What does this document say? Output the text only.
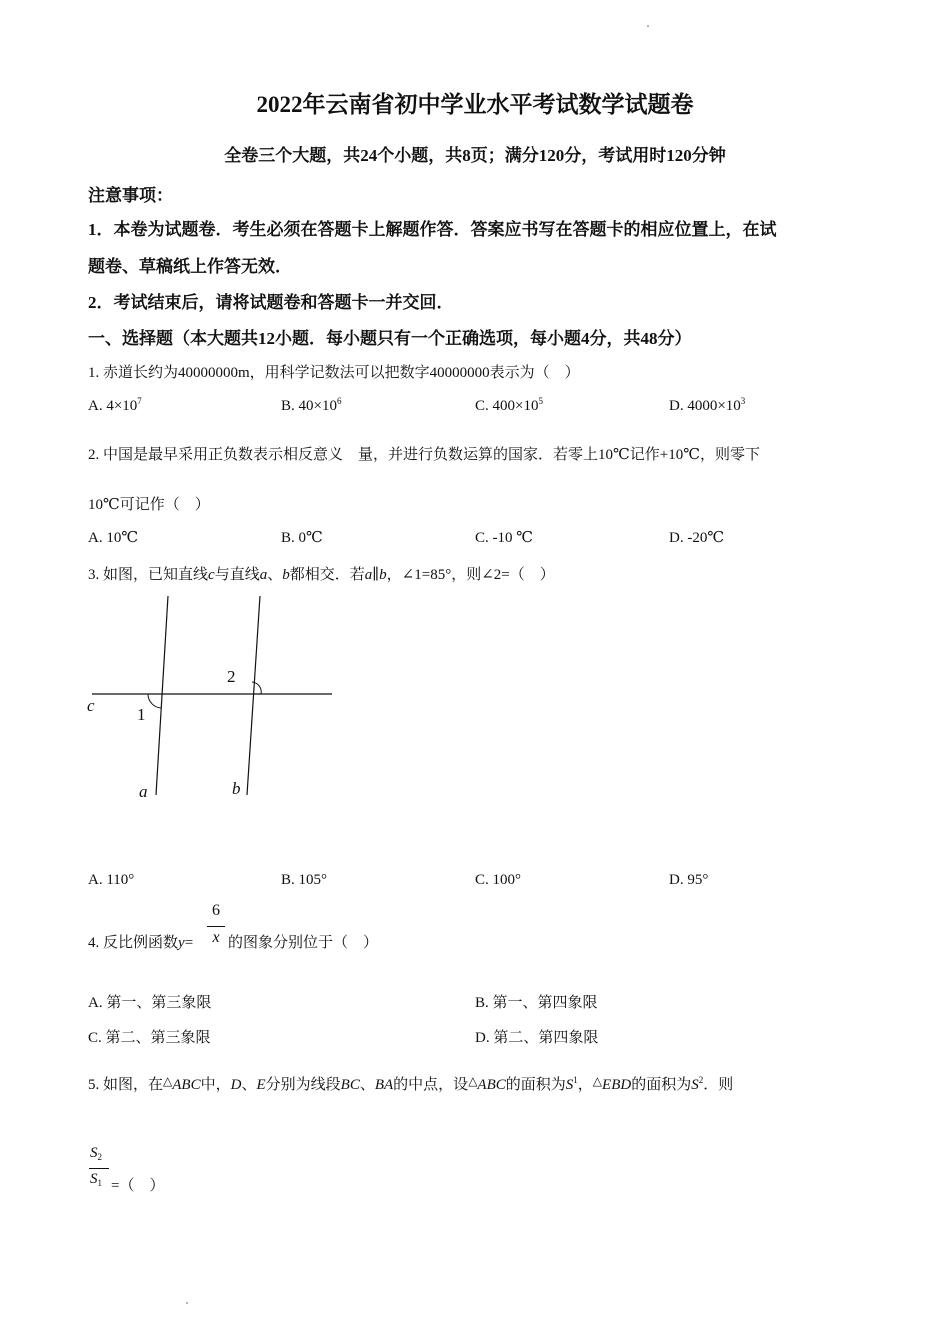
2022年云南省初中学业水平考试数学试题卷
全卷三个大题，共24个小题，共8页；满分120分，考试用时120分钟
注意事项：
1．本卷为试题卷．考生必须在答题卡上解题作答．答案应书写在答题卡的相应位置上，在试
题卷、草稿纸上作答无效．
2．考试结束后，请将试题卷和答题卡一并交回．
一、选择题（本大题共12小题．每小题只有一个正确选项，每小题4分，共48分）
1. 赤道长约为40000000m，用科学记数法可以把数字40000000表示为（　）
A. $4\times 10^7$	B. $40\times 10^6$	C. $400\times 10^5$	D. $4000\times 10^3$
2. 中国是最早采用正负数表示相反意义　量，并进行负数运算的国家．若零上10℃记作+10℃，则零下
10℃可记作（　）
A. 10℃	B. 0℃	C. -10 ℃	D. -20℃
3. 如图，已知直线c与直线a、b都相交．若a∥b，∠1=85°，则∠2=（　）
c 1
2
a	b
A. 110°	B. 105°	C. 100°	D. 95°
4. 反比例函数y=
6
x 的图象分别位于（　）
A. 第一、第三象限	B. 第一、第四象限
C. 第二、第三象限	D. 第二、第四象限
5. 如图，在△ABC中，D、E分别为线段BC、BA的中点，设△ABC的面积为$S^1$，△EBD的面积为$S^2$．则
$S_2$
$S_1$ =（　）
